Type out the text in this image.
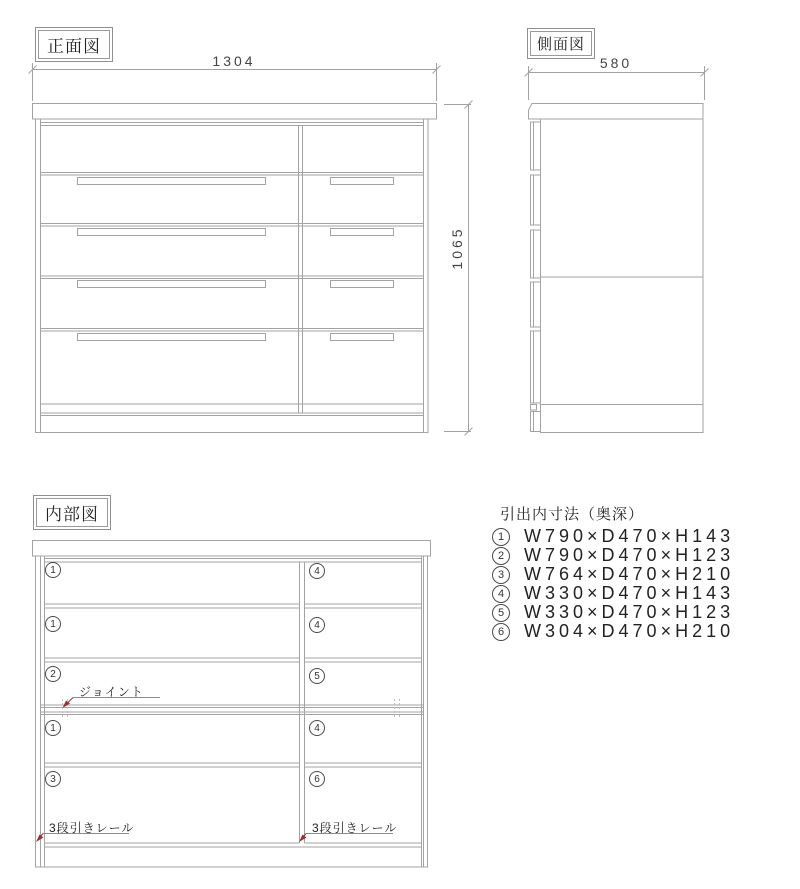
正面図	側面図
内部図
1304	580
1065
1
1
2
1
3
4
4
5
4
6
ジョイント
3段引きレール	3段引きレール
引出内寸法（奥深）
1	W790×D470×H143
2	W790×D470×H123
3	W764×D470×H210
4	W330×D470×H143
5	W330×D470×H123
6	W304×D470×H210
